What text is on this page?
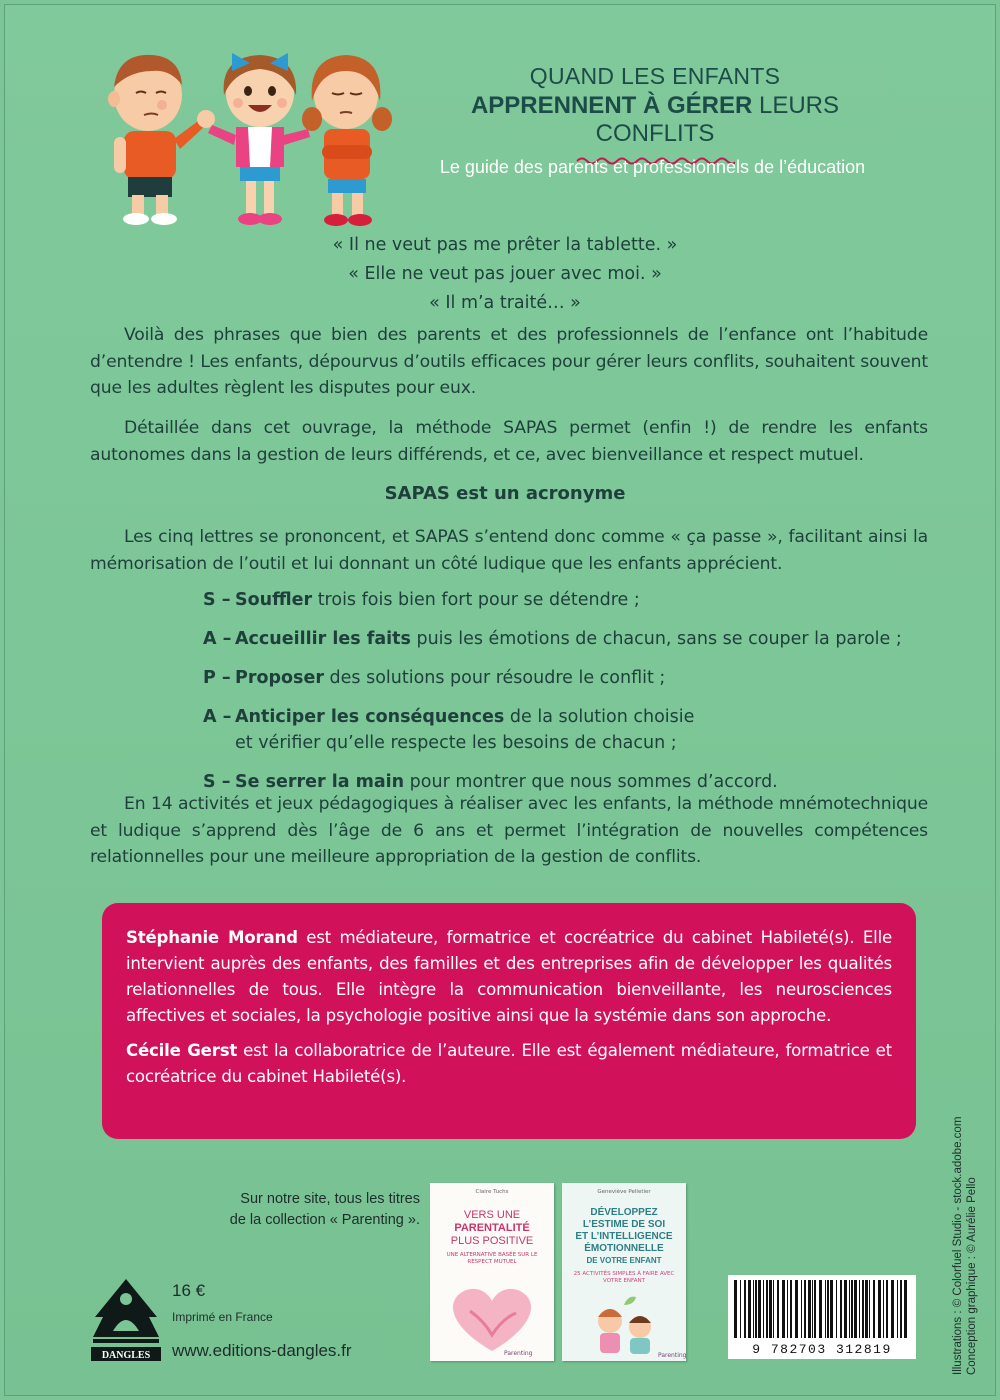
QUAND LES ENFANTS
APPRENNENT À GÉRER LEURS CONFLITS
Le guide des parents et professionnels de l’éducation
« Il ne veut pas me prêter la tablette. »
« Elle ne veut pas jouer avec moi. »
« Il m’a traité… »
Voilà des phrases que bien des parents et des professionnels de l’enfance ont l’habitude d’entendre ! Les enfants, dépourvus d’outils efficaces pour gérer leurs conflits, souhaitent souvent que les adultes règlent les disputes pour eux.
Détaillée dans cet ouvrage, la méthode SAPAS permet (enfin !) de rendre les enfants autonomes dans la gestion de leurs différends, et ce, avec bienveillance et respect mutuel.
SAPAS est un acronyme
Les cinq lettres se prononcent, et SAPAS s’entend donc comme « ça passe », facilitant ainsi la mémorisation de l’outil et lui donnant un côté ludique que les enfants apprécient.
S – Souffler trois fois bien fort pour se détendre ;
A – Accueillir les faits puis les émotions de chacun, sans se couper la parole ;
P – Proposer des solutions pour résoudre le conflit ;
A – Anticiper les conséquences de la solution choisie et vérifier qu’elle respecte les besoins de chacun ;
S – Se serrer la main pour montrer que nous sommes d’accord.
En 14 activités et jeux pédagogiques à réaliser avec les enfants, la méthode mnémotechnique et ludique s’apprend dès l’âge de 6 ans et permet l’intégration de nouvelles compétences relationnelles pour une meilleure appropriation de la gestion de conflits.

Stéphanie Morand est médiateure, formatrice et cocréatrice du cabinet Habileté(s). Elle intervient auprès des enfants, des familles et des entreprises afin de développer les qualités relationnelles de tous. Elle intègre la communication bienveillante, les neurosciences affectives et sociales, la psychologie positive ainsi que la systémie dans son approche.

Cécile Gerst est la collaboratrice de l’auteure. Elle est également médiateure, formatrice et cocréatrice du cabinet Habileté(s).

Sur notre site, tous les titres
de la collection « Parenting ».
Claire Tuchs
VERS UNE
PARENTALITÉ
PLUS POSITIVE
UNE ALTERNATIVE BASÉE SUR LE RESPECT MUTUEL
Parenting
Geneviève Pelletier
DÉVELOPPEZ
L’ESTIME DE SOI
ET L’INTELLIGENCE
ÉMOTIONNELLE
DE VOTRE ENFANT
25 ACTIVITÉS SIMPLES À FAIRE AVEC VOTRE ENFANT
Parenting
DANGLES
16 €
Imprimé en France
www.editions-dangles.fr	9 782703 312819	Illustrations : © Colorfuel Studio - stock.adobe.com Conception graphique : © Aurélie Pello
